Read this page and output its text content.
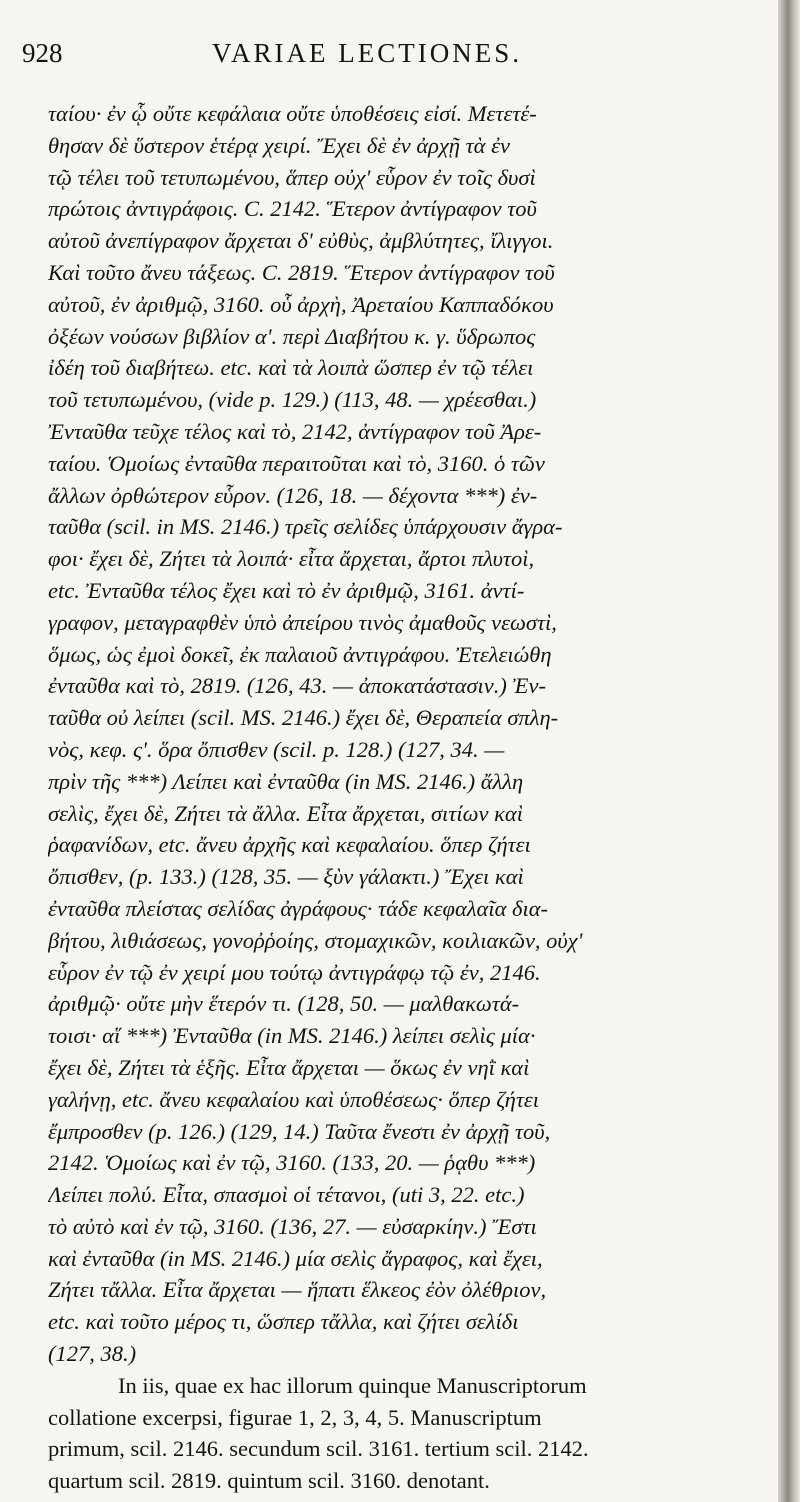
928	VARIAE LECTIONES.
ταίου· ἐν ᾧ οὔτε κεφάλαια οὔτε ὑποθέσεις εἰσί. Μετετέ-
θησαν δὲ ὕστερον ἑτέρᾳ χειρί. Ἔχει δὲ ἐν ἀρχῇ τὰ ἐν
τῷ τέλει τοῦ τετυπωμένου, ἅπερ οὐχ' εὗρον ἐν τοῖς δυσὶ
πρώτοις ἀντιγράφοις. C. 2142. Ἕτερον ἀντίγραφον τοῦ
αὐτοῦ ἀνεπίγραφον ἄρχεται δ' εὐθὺς, ἀμβλύτητες, ἴλιγγοι.
Καὶ τοῦτο ἄνευ τάξεως. C. 2819. Ἕτερον ἀντίγραφον τοῦ
αὐτοῦ, ἐν ἀριθμῷ, 3160. οὗ ἀρχὴ, Ἀρεταίου Καππαδόκου
ὀξέων νούσων βιβλίον α'. περὶ Διαβήτου κ. γ. ὕδρωπος
ἰδέη τοῦ διαβήτεω. etc. καὶ τὰ λοιπὰ ὥσπερ ἐν τῷ τέλει
τοῦ τετυπωμένου, (vide p. 129.) (113, 48. — χρέεσθαι.)
Ἐνταῦθα τεῦχε τέλος καὶ τὸ, 2142, ἀντίγραφον τοῦ Ἀρε-
ταίου. Ὁμοίως ἐνταῦθα περαιτοῦται καὶ τὸ, 3160. ὁ τῶν
ἄλλων ὀρθώτερον εὗρον. (126, 18. — δέχοντα ***) ἐν-
ταῦθα (scil. in MS. 2146.) τρεῖς σελίδες ὑπάρχουσιν ἄγρα-
φοι· ἔχει δὲ, Ζήτει τὰ λοιπά· εἶτα ἄρχεται, ἄρτοι πλυτοὶ,
etc. Ἐνταῦθα τέλος ἔχει καὶ τὸ ἐν ἀριθμῷ, 3161. ἀντί-
γραφον, μεταγραφθὲν ὑπὸ ἀπείρου τινὸς ἀμαθοῦς νεωστὶ,
ὅμως, ὡς ἐμοὶ δοκεῖ, ἐκ παλαιοῦ ἀντιγράφου. Ἐτελειώθη
ἐνταῦθα καὶ τὸ, 2819. (126, 43. — ἀποκατάστασιν.) Ἐν-
ταῦθα οὐ λείπει (scil. MS. 2146.) ἔχει δὲ, Θεραπεία σπλη-
νὸς, κεφ. ς'. ὅρα ὄπισθεν (scil. p. 128.) (127, 34. —
πρὶν τῆς ***) Λείπει καὶ ἐνταῦθα (in MS. 2146.) ἄλλη
σελὶς, ἔχει δὲ, Ζήτει τὰ ἄλλα. Εἶτα ἄρχεται, σιτίων καὶ
ῥαφανίδων, etc. ἄνευ ἀρχῆς καὶ κεφαλαίου. ὅπερ ζήτει
ὄπισθεν, (p. 133.) (128, 35. — ξὺν γάλακτι.) Ἔχει καὶ
ἐνταῦθα πλείστας σελίδας ἀγράφους· τάδε κεφαλαῖα δια-
βήτου, λιθιάσεως, γονοῤῥοίης, στομαχικῶν, κοιλιακῶν, οὐχ'
εὗρον ἐν τῷ ἐν χειρί μου τούτῳ ἀντιγράφῳ τῷ ἐν, 2146.
ἀριθμῷ· οὔτε μὴν ἕτερόν τι. (128, 50. — μαλθακωτά-
τοισι· αἵ ***) Ἐνταῦθα (in MS. 2146.) λείπει σελὶς μία·
ἔχει δὲ, Ζήτει τὰ ἑξῆς. Εἶτα ἄρχεται — ὅκως ἐν νηῒ καὶ
γαλήνῃ, etc. ἄνευ κεφαλαίου καὶ ὑποθέσεως· ὅπερ ζήτει
ἔμπροσθεν (p. 126.) (129, 14.) Ταῦτα ἔνεστι ἐν ἀρχῇ τοῦ,
2142. Ὁμοίως καὶ ἐν τῷ, 3160. (133, 20. — ῥᾳθυ ***)
Λείπει πολύ. Εἶτα, σπασμοὶ οἱ τέτανοι, (uti 3, 22. etc.)
τὸ αὐτὸ καὶ ἐν τῷ, 3160. (136, 27. — εὐσαρκίην.) Ἔστι
καὶ ἐνταῦθα (in MS. 2146.) μία σελὶς ἄγραφος, καὶ ἔχει,
Ζήτει τἄλλα. Εἶτα ἄρχεται — ἥπατι ἕλκεος ἐὸν ὀλέθριον,
etc. καὶ τοῦτο μέρος τι, ὥσπερ τἄλλα, καὶ ζήτει σελίδι
(127, 38.)
In iis, quae ex hac illorum quinque Manuscriptorum
collatione excerpsi, figurae 1, 2, 3, 4, 5. Manuscriptum
primum, scil. 2146. secundum scil. 3161. tertium scil. 2142.
quartum scil. 2819. quintum scil. 3160. denotant.
